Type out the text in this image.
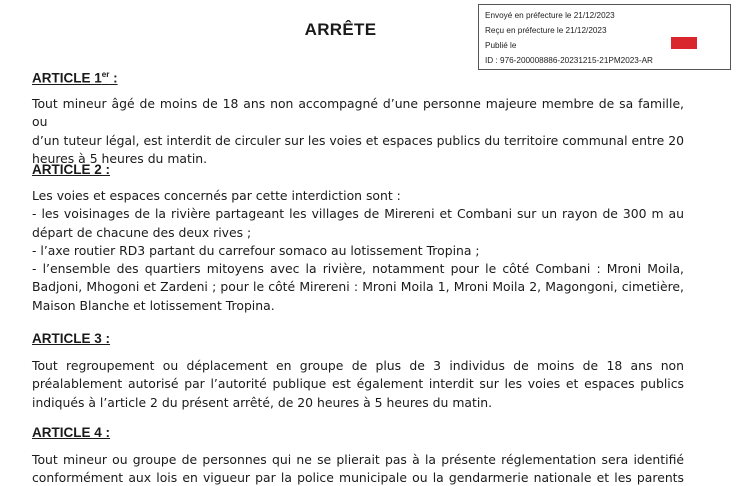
ARRÊTE
Envoyé en préfecture le 21/12/2023
Reçu en préfecture le 21/12/2023
Publié le
ID : 976-200008886-20231215-21PM2023-AR
ARTICLE 1er :
Tout mineur âgé de moins de 18 ans non accompagné d’une personne majeure membre de sa famille, ou
d’un tuteur légal, est interdit de circuler sur les voies et espaces publics du territoire communal entre 20
heures à 5 heures du matin.
ARTICLE 2 :
Les voies et espaces concernés par cette interdiction sont :
- les voisinages de la rivière partageant les villages de Mirereni et Combani sur un rayon de 300 m au
départ de chacune des deux rives ;
- l’axe routier RD3 partant du carrefour somaco au lotissement Tropina ;
- l’ensemble des quartiers mitoyens avec la rivière, notamment pour le côté Combani : Mroni Moila,
Badjoni, Mhogoni et Zardeni ; pour le côté Mirereni : Mroni Moila 1, Mroni Moila 2, Magongoni, cimetière,
Maison Blanche et lotissement Tropina.
ARTICLE 3 :
Tout regroupement ou déplacement en groupe de plus de 3 individus de moins de 18 ans non
préalablement autorisé par l’autorité publique est également interdit sur les voies et espaces publics
indiqués à l’article 2 du présent arrêté, de 20 heures à 5 heures du matin.
ARTICLE 4 :
Tout mineur ou groupe de personnes qui ne se plierait pas à la présente réglementation sera identifié
conformément aux lois en vigueur par la police municipale ou la gendarmerie nationale et les parents
